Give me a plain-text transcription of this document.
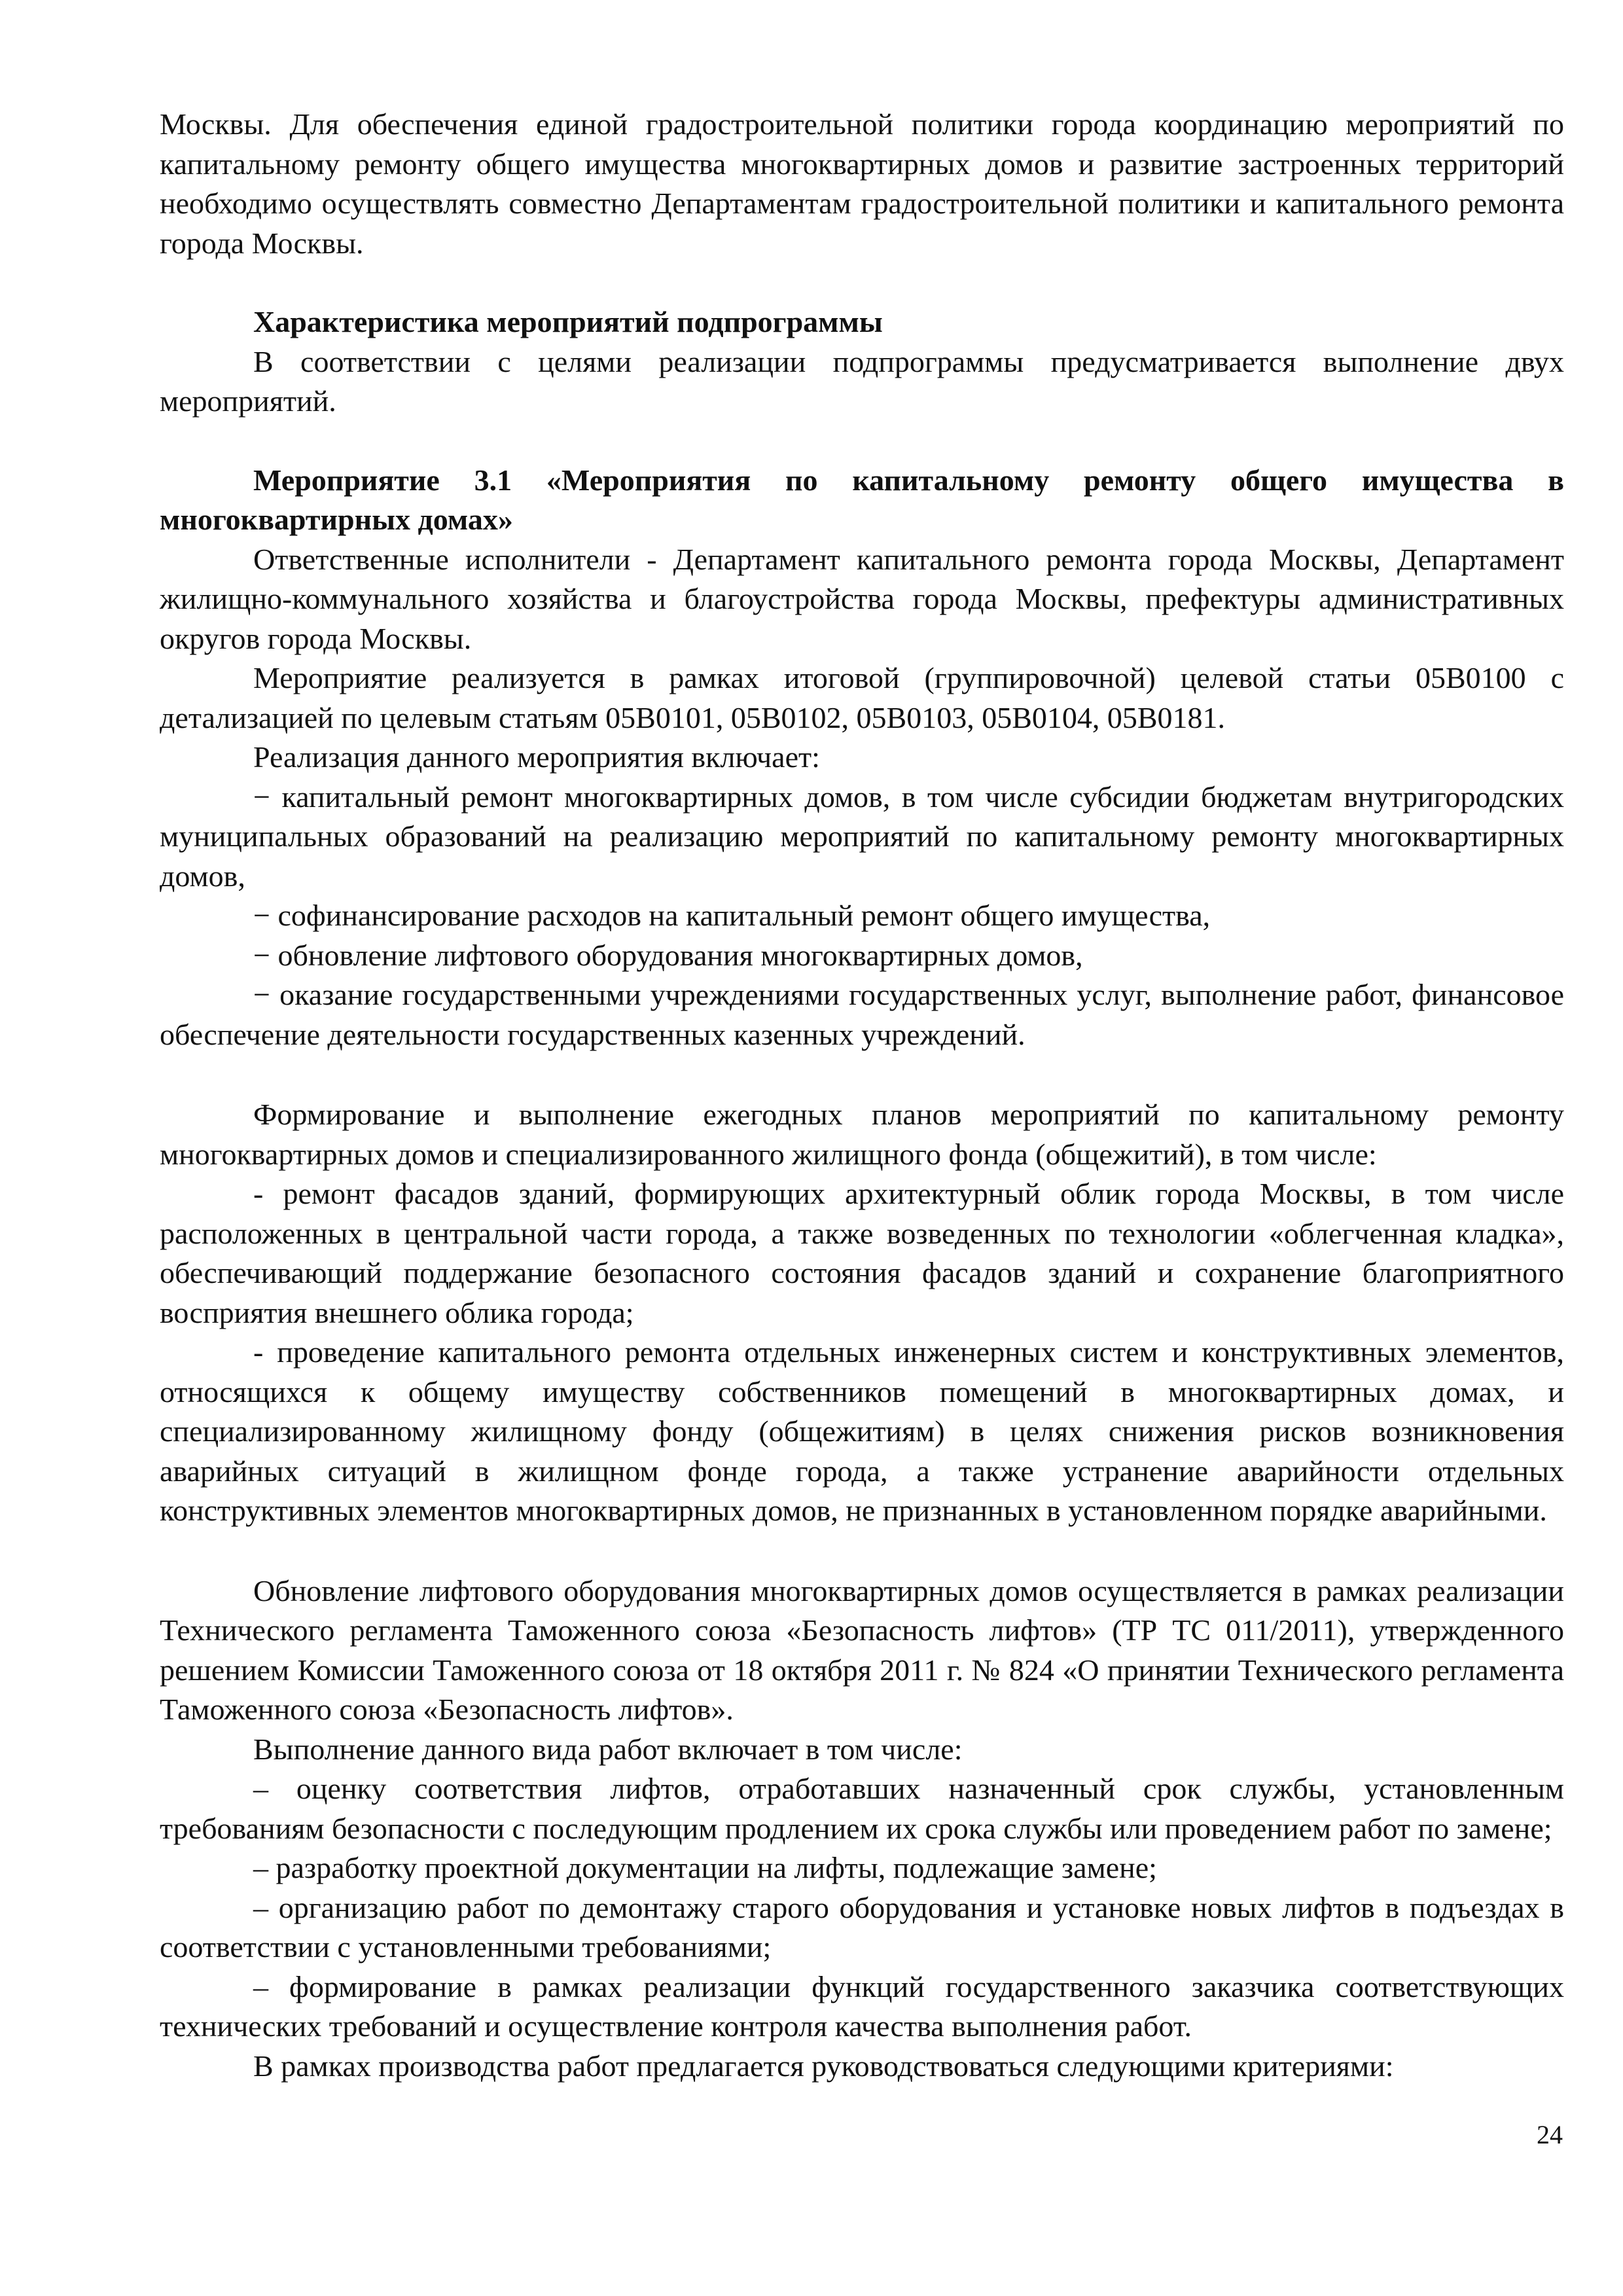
Москвы. Для обеспечения единой градостроительной политики города координацию мероприятий по капитальному ремонту общего имущества многоквартирных домов и развитие застроенных территорий необходимо осуществлять совместно Департаментам градостроительной политики и капитального ремонта города Москвы.

Характеристика мероприятий подпрограммы

В соответствии с целями реализации подпрограммы предусматривается выполнение двух мероприятий.

Мероприятие 3.1 «Мероприятия по капитальному ремонту общего имущества в многоквартирных домах»

Ответственные исполнители - Департамент капитального ремонта города Москвы, Департамент жилищно-коммунального хозяйства и благоустройства города Москвы, префектуры административных округов города Москвы.

Мероприятие реализуется в рамках итоговой (группировочной) целевой статьи 05В0100 с детализацией по целевым статьям 05В0101, 05В0102, 05В0103, 05В0104, 05В0181.

Реализация данного мероприятия включает:

− капитальный ремонт многоквартирных домов, в том числе субсидии бюджетам внутригородских муниципальных образований на реализацию мероприятий по капитальному ремонту многоквартирных домов,

− софинансирование расходов на капитальный ремонт общего имущества,

− обновление лифтового оборудования многоквартирных домов,

− оказание государственными учреждениями государственных услуг, выполнение работ, финансовое обеспечение деятельности государственных казенных учреждений.

Формирование и выполнение ежегодных планов мероприятий по капитальному ремонту многоквартирных домов и специализированного жилищного фонда (общежитий), в том числе:

- ремонт фасадов зданий, формирующих архитектурный облик города Москвы, в том числе расположенных в центральной части города, а также возведенных по технологии «облегченная кладка», обеспечивающий поддержание безопасного состояния фасадов зданий и сохранение благоприятного восприятия внешнего облика города;

- проведение капитального ремонта отдельных инженерных систем и конструктивных элементов, относящихся к общему имуществу собственников помещений в многоквартирных домах, и специализированному жилищному фонду (общежитиям) в целях снижения рисков возникновения аварийных ситуаций в жилищном фонде города, а также устранение аварийности отдельных конструктивных элементов многоквартирных домов, не признанных в установленном порядке аварийными.

Обновление лифтового оборудования многоквартирных домов осуществляется в рамках реализации Технического регламента Таможенного союза «Безопасность лифтов» (ТР ТС 011/2011), утвержденного решением Комиссии Таможенного союза от 18 октября 2011 г. № 824 «О принятии Технического регламента Таможенного союза «Безопасность лифтов».

Выполнение данного вида работ включает в том числе:

– оценку соответствия лифтов, отработавших назначенный срок службы, установленным требованиям безопасности с последующим продлением их срока службы или проведением работ по замене;

– разработку проектной документации на лифты, подлежащие замене;

– организацию работ по демонтажу старого оборудования и установке новых лифтов в подъездах в соответствии с установленными требованиями;

– формирование в рамках реализации функций государственного заказчика соответствующих технических требований и осуществление контроля качества выполнения работ.

В рамках производства работ предлагается руководствоваться следующими критериями:

24
